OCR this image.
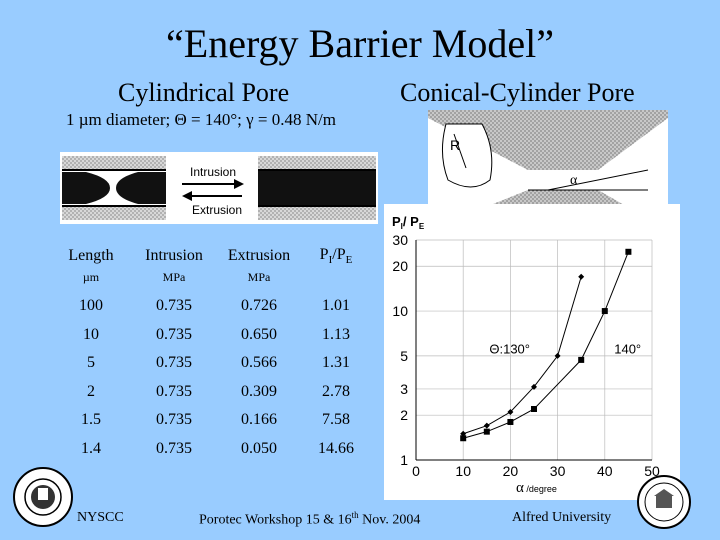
“Energy Barrier Model”
Cylindrical Pore	Conical-Cylinder Pore
1 µm diameter; Θ = 140°; γ = 0.48 N/m
Intrusion
Extrusion
R
α
Length	Intrusion	Extrusion	$P_I/P_E$
µm	MPa	MPa	
100	0.735	0.726	1.01
10	0.735	0.650	1.13
5	0.735	0.566	1.31
2	0.735	0.309	2.78
1.5	0.735	0.166	7.58
1.4	0.735	0.050	14.66
$P_I/$ $P_E$
0	10 20 30 40 50
1
2
3
5
10
20
30
Θ:130°	140°
α /degree
NYSCC	Porotec Workshop 15 & 16th Nov. 2004	Alfred University
